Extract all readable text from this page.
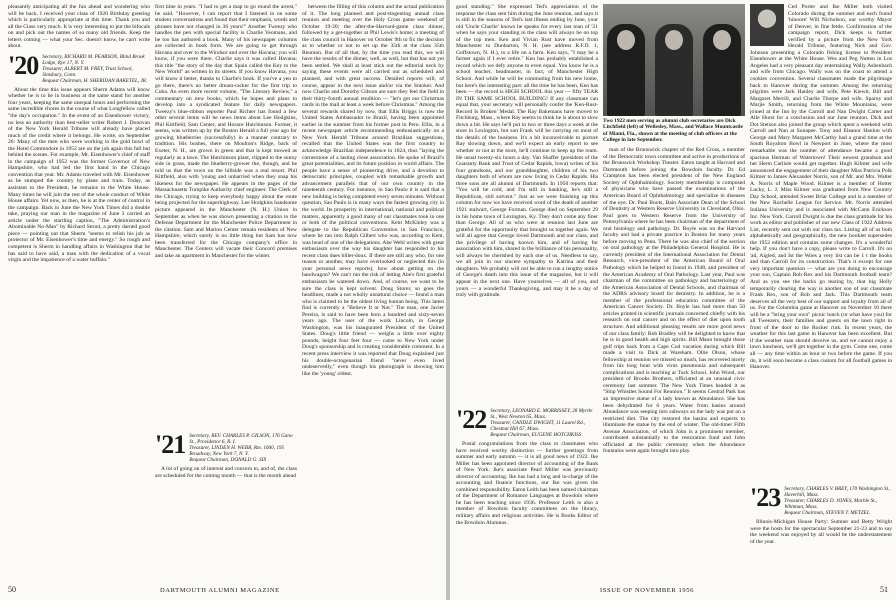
pleasantly anticipating all the fun ahead and wondering who will be back. I received your class of 1920 Birthday greeting which is particularly appropriate at this time. Thank you and all the Class very much. It is very interesting to put the bifocals on and pick out the names of so many old friends. Keep the letters coming — what your Sec. doesn't know, he can't write about.

'20 Secretary, RICHARD M. PEARSON, Blind Brook Lodge, Rye 17, N. Y.
Treasurer, ALBERT M. FREY, Trust School, Simsbury, Conn.
Bequest Chairman, H. SHERIDAN BAKETEL, JR.

About the time this issue appears Sherm Adams will know whether he is to be in business at the same stand for another four years, keeping the same unequal hours and performing the same incredible chores in the course of what Longfellow called "the day's occupation." In the event of an Eisenhower victory, no less an authority than best-seller writer Robert J. Donovan of the New York Herald Tribune will already have placed much of the credit where it belongs. He wrote, on September 26: Many of the men who were working in the gold bowl of the Hotel Commodore in 1952 are on the job again this fall but behind the scenes. For example, Mr. Eisenhower's chief of staff in the campaign of 1952 was the former Governor of New Hampshire, who had led the first hand in the Chicago convention that year. Mr. Adams traveled with Mr. Eisenhower as he stumped the country by plane and train. Today, as assistant to the President, he remains in the White House. Many times he will join the rest of the whole conduct of White House affairs. Yet now, as then, he is at the center of control in the campaign. Back in June the New York Times did a double take, praying our man in the magazine of June 3 carried an article under the startling caption, "The Administration's Abominable No-Man" by Richard Strout, a pretty darned good piece — pointing out that Sherm "seems to relish his job as protector of Mr. Eisenhower's time and energy." So rough and competent is Sherm in handling affairs in Washington that he has said to have said, a man with the dedication of a vocal virgin and the impatience of a water buffalo."

first time in years. "I had to get a map to go round the arrest," he said. "However, I can report that I listened in on some student conversations and found that their emphasis, words and phrases have not changed in 36 years!" Another Tweezy who handles the pen with special facility is Charlie Yeomans, and he too has authored a book. Many of his newspaper columns are collected in book form. We are going to get through Havana and over to the Windsor and over the Havana; you will know, if you were there. Charlie says it was called Havana; this title "the story of the day that Spain called the Key to the New World" as written in its streets. If you know Havana, you will know it better, thanks to Charlie's book. If you've a yen to go there, there's no better dream-racker for the first trip to Cuba. An even more recent volume, "The Literary Review," a commentary on new books, which he hopes and plans to develop into a syndicated feature for daily newspapers. Tweezy's blue-ribbon reporter Paul Richter has found a few other several items will be news items about Lee Hodgkins, Phil Kittfield, Sam Center, and Horace Hutchinson. Former, it seems, was written up by the Boston Herald a full year ago for growing blueberries (successfully) in a manner contrary to tradition. His bushes, there on Moulton's Ridge, back of Exeter, N. H., are grown in green and that is kept mowed as regularly as a lawn. The Hutchinson plant, clipped to the sunny side in grass, made the blueberry-grower the, though, and he told us that the town on the hillside was a real resort. Phil Kittfield, also with 'young and unharried when they snap his likeness for the newspaper. He appears in the pages of the Massachusetts Turnpike Authority chief engineer. The Clerk of the Chicago, trying to keep everybody happy about the route being projected for the superhighway. Lee Hodgkins handsome picture appeared in the Manchester (N. H.) Union in September as when he was shown presenting a citation to the Defense Department for the Manchester Police Department in the citation. Sam and Marion Center remain residents of New Hampshire, which surely is no little thing but Sam has now been transferred for the Chicago company's office in Manchester. The Centers will vacate their Concord premises and take an apartment in Manchester for the winter.

'21 Secretary, REV. CHARLES P. GILSON, 176 Gano St., Providence 6, R. I.
Treasurer, LINDEN H. WEBB, Rm. 1600, 195 Broadway, New York 7, N. Y.
Bequest Chairman, DONALD G. SIX

A lot of going on of interest and concern to, and of, the class are scheduled for the coming month — that is the month ahead

between the filling of this column and the actual publication of it. The long planned and post-tingenting annual class reunion and meeting over the Holy Cross game weekend of October 19-20; the after-the-Harvard-game class dinner, followed by a get-together at Phil Lewis's home; a meeting of the class council in Hanover on October 9th to fix the decision as to whether or not to set up the 35th at the class 35th Reunion. But of all that, by the time you read this, we will have the results of the dinner, well, as well, but that has not yet been settled. We shall at least stick out the editorial neck by saying these events were all carried out as scheduled and planned, and with great success. Detailed reports will, of course, appear in the next issue and/or via the Smoker. And now Charlie and Dorothy Gibson are sure they feel the field in their thirty-fourth annual rendition — "let's get our Christmas cards in the mail at least a week before Christmas." Among the several rewards shared by now, that Ellis Briggs is now the United States Ambassador to Brazil, having been appointed earlier in the summer from his former post in Peru. Ellis, in a recent newspaper article recommending enthusiastically on a New York Herald Tribune around Brazilian suggestions, recalled that the United States was the first country to acknowledge Brazilian independence in 1824, thus "laying the cornerstone of a lasting close association. He spoke of Brazil's great potentialities, and its future position in world affairs. The people have a sense of pioneering drive, and a devotion to democratic principles, coupled with remarkable growth and advancement parallels that of our own country in the nineteenth century. For instance, in Sao Paulo it is said that a new building is being completed every seven minutes. Without question, Sao Paulo is in many ways the fastest growing city in the world. Its prosperity in international, national and political matters, apparently a good many of our classmates took in one or both of the political conventions. Kent McKinley was a delegate to the Republican Convention in San Francisco, where he ran into Ralph Gilbert who was, according to Kent, was head of one of the delegations. Abe Webl writes with great enthusiasm over the way his daughter has responded to his recent class dues billet-doux. If there are still any who, for one reason or another, may have overlooked or neglected this (in your personal news reports), how about getting on the bandwagon? We can't run the risk of letting Abe's first grateful enthusiasm be watered down. And, of course, we want to be sure the class is kept solvent. Doug Storer, so goes the headlines, made a not wholly unnatural choice — found a man who is claimed to be the oldest living human being. This latest find is currently a "Believe It or Not." The man, one Javier Pereira, is said to have been born a hundred and sixty-seven years ago. The user of the work Lincoln, in George Washington, was his inaugurated President of the United States. Doug's little friend — weighs a little over eighty pounds, height four feet four — came to New York under Doug's sponsorship and is creating considerable comment. In a recent press interview it was reported that Doug explained just his double-octogenarian friend "never even lived undeservedly," even though his photograph is showing him like the 'young' oldest.

50	DARTMOUTH ALUMNI MAGAZINE

good standing." She expressed Ted's appreciation of the response the class sent him during the June reunion, and says it is still in the seasons of Ted's last illness ending by June, your old 'Uncle Charlie' knows he speaks for every last man of '21 when he says your standing in the class will always be on top of the top men. Ken and Vivian Rust have moved from Manchester to Dunbarton, N. H. (see address R.F.D. 1, Goffstown, N. H.), to a life on a farm. Ken says, "I may be a farmer again if I ever retire." Ken has probably established a record which we defy anyone to even equal. You know he is a school teacher, headmaster, in fact, of Manchester High School. And while he will be commuting from his new home, but here's the interesting part: all the time he has been, Ken has been — rhe record is HIGH SCHOOL this year — fifty TEAR IN THE SAME SCHOOL BUILDING! If any classmate can equal that, your secretary will personally confer the 'Ken-Rust-Record Is Broken' Medal. The Ray Bakemans have moved to Fitchburg, Mass., where Ray seems to think he is about to slow down a bit. He says he'll put in two or three days a week at the store in Lexington, but son Frank will be carrying on most of the details of the business. It's a bit inconceivable to picture Ray slowing down, and we'll expect an early report to see whether or not at the store, he'll continue to keep up the ream. He usual twenty-six hours a day. Van Shaffer (president of the Guaranty Bank and Trust of Cedar Rapids, Iowa) writes of his four grandsons, and our granddaughter, children of his two daughters both of whom are now living in Cedar Rapids. His three sons are all alumni of Dartmouth. In 1950 reports that: "You will be cold, and I'm still in banking, he's still a Republican, still solvent." Just as we were finishing up this column for now we have received word of the death of another 1921 stalwart, George Forman. George died on September 29 in his home town of Lexington, Ky. They don't come any finer than George. All of us who were at reunion last June are grateful for the opportunity that brought us together again. We will all agree that George loved Dartmouth and our class, and the privilege of having known him, and of having for association with him, shared in the brilliance of his personality, will always be cherished by each one of us. Needless to say, we all join in our sincere sympathy to Katrina and their daughters. We probably will not be able to run a lengthy notice of George's death into this issue of the magazine, but it will appear in the next one. Have yourselves — all of you, and yours — a wonderful Thanksgiving, and may it be a day of truly with gratitude.

'22 Secretary, LEONARD E. MORRISSEY, 28 Myrtle St., West Newton 65, Mass.
Treasurer, CANDLE DWIGHT, 11 Laurel Rd., Chestnut Hill 67, Mass.
Bequest Chairman, EUGENE HOTCHKISS

Postal congratulations from the class to classmates who have received worthy distinction — further greetings from summer and early autumn — it is all good news of 1922. Ike Miller has been appointed director of accounting of the Bank of New York. Ike's associate Pearl Miller was previously director of accounting. Ike has had a long and in-charge of the accounting and finance functions, our Ike was given the combined responsibility. Eaton Leith has been named chairman of the Department of Romance Languages at Bowdoin where he has been teaching since 1936. Professor Leith is also a member of Bowdoin faculty committees on the library, military affairs and religious activities. He is Books Editor of the Bowdoin Alumnus.

Two 1922 men serving as alumni club secretaries are Dick Litchfield (left) of Wellesley, Mass., and Wallace Mountcastle of Miami, Fla., shown at the meeting of club officers at the College in late September.

man of the Brunswick chapter of the Red Cross, a member of the Democratic town committee and active in productions of the Brunswick Workshop Theater. Eaton taught at Harvard and Dartmouth before joining the Bowdoin faculty. Dr. Ed Crampton has been elected president of the New England Society of Ophthalmology. Society membership is composed of physicians who have passed the examinations of the American Board of Ophthalmology and specialize in diseases of the eye. Dr. Paul Boots, Bain Associate Dean of the School of Dentistry at Western Reserve University in Cleveland, Ohio. Paul goes to Western Reserve from the University of Pennsylvania where he has been chairman of the department of oral histology and pathology. Dr. Boyle was on the Harvard faculty and had a private practice in Boston for many years before moving to Penn. There he was also chief of the section on oral pathology at the Philadelphia General Hospital. He is currently president of the International Association for Dental Research, vice-president of the American Board of Oral Pathology which he helped to found in 1948, and president of the American Academy of Oral Pathology. Last year, Paul was chairman of the committee on pathology and bacteriology of the American Association of Dental Schools, and chairman of the ADRS advisory board for dentistry. In addition, he is a member of the professional education committee of the American Cancer Society. Dr. Boyle has had more than 50 articles printed in scientific journals concerned chiefly with his research on oral cancer and on the effect of diet upon tooth structure. And additional pleasing results are more good news of our class family: Bob Bradley will be delighted to know that he is in good health and high spirits. Bill Mann brought those golf trips back from a Cape Cod vacation during which Bill made a visit to Dick at Wareham. Ollie Olson, whose fellowship at reunion we missed so much, has recovered nicely from his long bout with virus pneumonia and subsequent complications and is teaching at Tuck School. John Wood, our president of Brooks Brothers, officiated at an unusual civic ceremony last summer. The New York Times headed it as "Ship Whistles Sound For Reunion." It seems Central Park has an impressive statue of a lady known as Abundance. She has been dehydrated for 6 years. Water from basins around Abundance was seeping into subways so the lady was put on a restricted diet. The city restored the basins and expects to illuminate the statue by the end of winter. The old-timer Fifth Avenue Association, of which John is a prominent member, contributed substantially to the restoration fund and John officiated at the public ceremony when the Abundance fountains were again brought into play.

Ced Porter and Ike Miller both visited Colorado during the summer and each found 'hinoore' Will Nicholson, our worthy Mayor of Denver, in fine fettle. Confirmation of the campaign report, Dick keeps is further verified by a picture from the New York Herald Tribune, featuring Nick and Gov. Johnson presenting a Colorado fishing license to President Eisenhower at the White House. Wes and Peg Nutten in Los Angeles had a very pleasant day entertaining Wally Ashenbach and wife from Chicago. Wally was on the coast to attend a cookies convention. Several classmates made the pilgrimage back to Hanover during the summer. Among the returning pilgrims were Jack Hanley and wife, Pete Kiewit, Bill and Margaret Merrill, and Charlie Thorpe and wife. Sparny and Marjie Smith, returning from the White Mountains, were joined at the Inn by the Carroll and Nan Dwight Carter and Alle Hurst for a conclusion and our June reunion. Dick and Dot Stetson also joined the group which spent a weekend with Carroll and Nan at Sunapee. Tony and Eleanor Hanlon with George and Mary Margaret McCarthy had a grand time at the South Royalton Bowl in Newport in June, where the most remarkable was the number of attendance became a good spacious Herman of Watertown! Their newest grandson and her Herm Carlisle would get together. Hugh Kilmer and wife announced the engagement of their daughter Miss Patricia Polk Kilmer to James Alexander Norris, son of Mr. and Mrs. Walter A. Norris of Maple Wood. Kilmer is a member of Hotter Lucky, L. J. Miss Kilmer was graduated from New Country Day School, attended Sweet Briar College and is a member of the New Rochelle League for Service. Mr. Norris attended Indiana University and is associated with McCann Erickson Inc. New York. Carroll Dwight is due the class gratitude for his work as editor and publisher of our new Class of 1922 Address List, recently sent out with our class tax. Listing all of us both alphabetically and geographically, the new booklet supersedes the 1952 edition and contains some changes. It's a wonderful help. If you don't have a copy, please write to Carroll. It's on 'ad, Aigled, and Ist the Woes a very list can be 1 t the books and than Carroll for its construction. That's it except for one very important question — what are you doing to encourage your son, Captain Bob Rex and his Dartmouth football team? And as you see the backs go tearing by, that big Holly temporarily clearing the way is another son of our classmate Frank Rex, son of Bob and Jack. This Dartmouth team deserves all the very best of our support and loyalty from all of us. For the Columbia game at Hanover on November 10 there will be a "bring your own" picnic lunch (or what have you) for all Tweezers, their families and guests on the lawn right in front of the door to the Rocker rink. In recent years, the weather for this last game in Hanover has been excellent. But if the weather man should deceive us, and we cannot enjoy a lawn luncheon, we'll get together in the gym. Come one, come all — any time within an hour or two before the game. If you do, it will soon become a class custom for all football games in Hanover.

'23 Secretary, CHARLES V. BREY, 170 Washington St., Haverhill, Mass.
Treasurer, CHARLES D. JONES, Marble St., Whitman, Mass.
Bequest Chairman, STEVEN T. METZEL

Illinois-Michigan House Party: Sumner and Betty Wright were the hosts for the spectacular September 21-23 and to say the weekend was enjoyed by all would be the understatement of the year.

ISSUE OF NOVEMBER 1956	51
